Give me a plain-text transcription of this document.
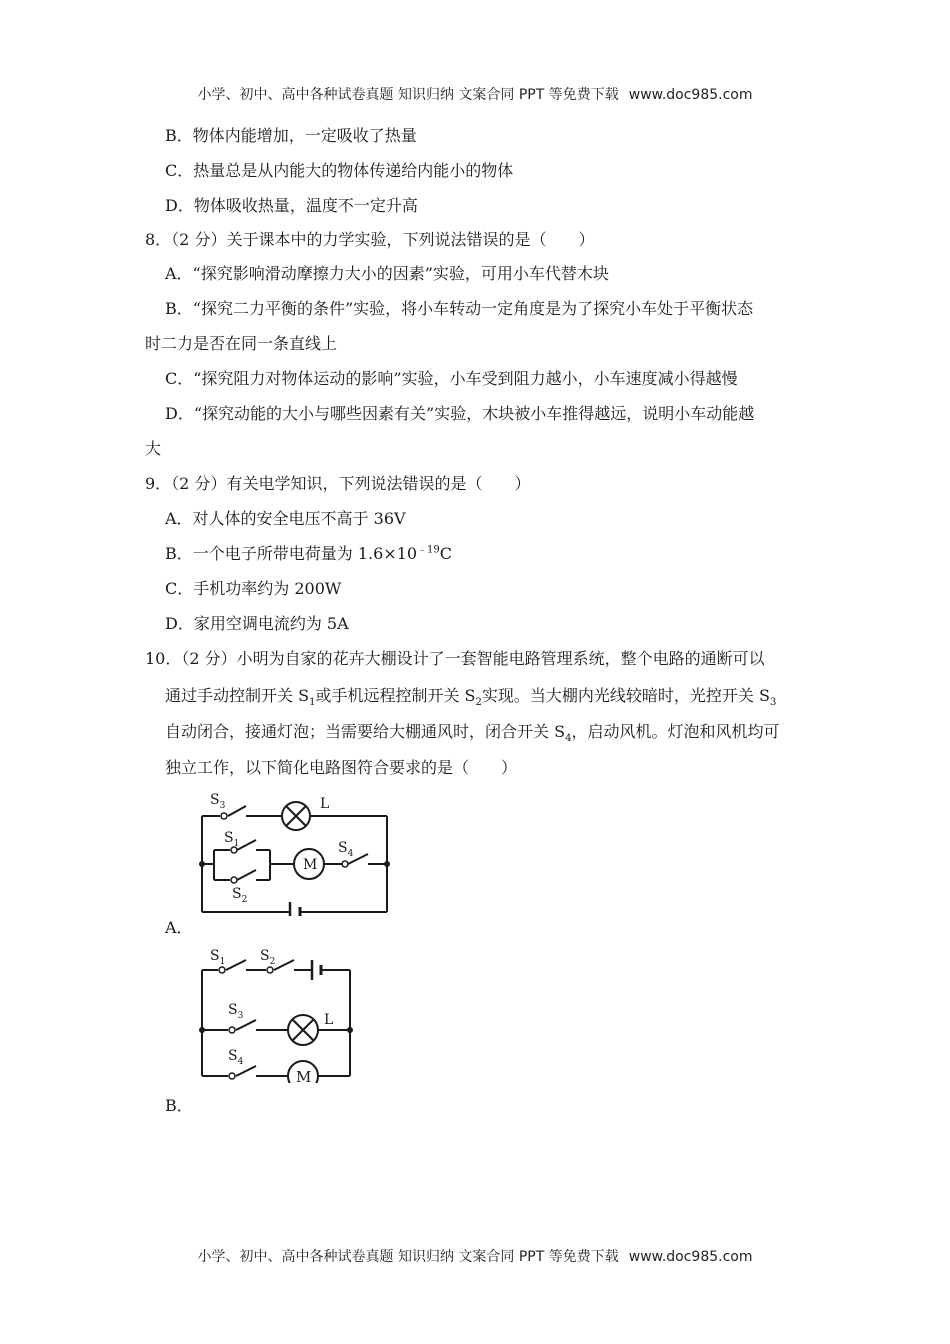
小学、初中、高中各种试卷真题 知识归纳 文案合同 PPT 等免费下载 www.doc985.com
B．物体内能增加，一定吸收了热量
C．热量总是从内能大的物体传递给内能小的物体
D．物体吸收热量，温度不一定升高
8．（2 分）关于课本中的力学实验，下列说法错误的是（　　）
A．“探究影响滑动摩擦力大小的因素”实验，可用小车代替木块
B．“探究二力平衡的条件”实验，将小车转动一定角度是为了探究小车处于平衡状态
时二力是否在同一条直线上
C．“探究阻力对物体运动的影响”实验，小车受到阻力越小，小车速度减小得越慢
D．“探究动能的大小与哪些因素有关”实验，木块被小车推得越远，说明小车动能越
大
9．（2 分）有关电学知识，下列说法错误的是（　　）
A．对人体的安全电压不高于 36V
B．一个电子所带电荷量为 $1.6\times 10^{﹣19}C$
C．手机功率约为 200W
D．家用空调电流约为 5A
10．（2 分）小明为自家的花卉大棚设计了一套智能电路管理系统，整个电路的通断可以
通过手动控制开关 $S_1$或手机远程控制开关 $S_2$实现。当大棚内光线较暗时，光控开关 $S_3$
自动闭合，接通灯泡；当需要给大棚通风时，闭合开关 $S_4$，启动风机。灯泡和风机均可
独立工作，以下简化电路图符合要求的是（　　）
$S_3$	L
$S_1$
$S_2$
$S_4$
M
A．
$S_1$ $S_2$
$S_3$	L
$S_4$
M
B．
小学、初中、高中各种试卷真题 知识归纳 文案合同 PPT 等免费下载 www.doc985.com
